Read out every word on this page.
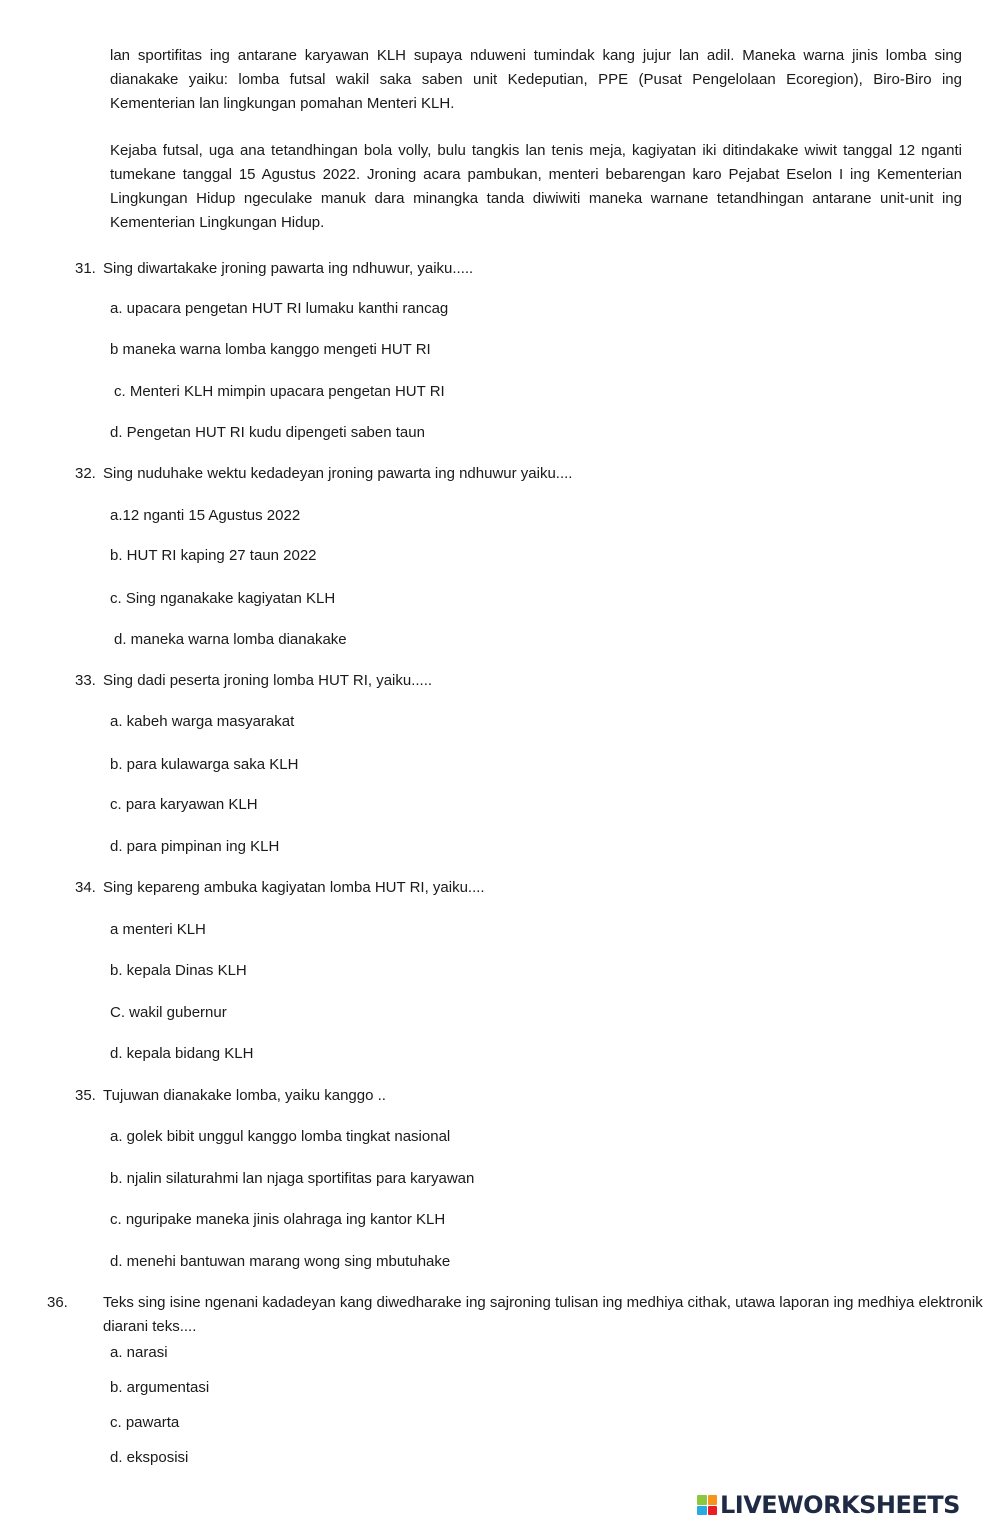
lan sportifitas ing antarane karyawan KLH supaya nduweni tumindak kang jujur lan adil. Maneka warna jinis lomba sing dianakake yaiku: lomba futsal wakil saka saben unit Kedeputian, PPE (Pusat Pengelolaan Ecoregion), Biro-Biro ing Kementerian lan lingkungan pomahan Menteri KLH.

Kejaba futsal, uga ana tetandhingan bola volly, bulu tangkis lan tenis meja, kagiyatan iki ditindakake wiwit tanggal 12 nganti tumekane tanggal 15 Agustus 2022. Jroning acara pambukan, menteri bebarengan karo Pejabat Eselon I ing Kementerian Lingkungan Hidup ngeculake manuk dara minangka tanda diwiwiti maneka warnane tetandhingan antarane unit-unit ing Kementerian Lingkungan Hidup.

31. Sing diwartakake jroning pawarta ing ndhuwur, yaiku.....

a. upacara pengetan HUT RI lumaku kanthi rancag

b maneka warna lomba kanggo mengeti HUT RI

c. Menteri KLH mimpin upacara pengetan HUT RI

d. Pengetan HUT RI kudu dipengeti saben taun

32. Sing nuduhake wektu kedadeyan jroning pawarta ing ndhuwur yaiku....

a.12 nganti 15 Agustus 2022

b. HUT RI kaping 27 taun 2022

c. Sing nganakake kagiyatan KLH

d. maneka warna lomba dianakake

33. Sing dadi peserta jroning lomba HUT RI, yaiku.....

a. kabeh warga masyarakat

b. para kulawarga saka KLH

c. para karyawan KLH

d. para pimpinan ing KLH

34. Sing kepareng ambuka kagiyatan lomba HUT RI, yaiku....

a menteri KLH

b. kepala Dinas KLH

C. wakil gubernur

d. kepala bidang KLH

35. Tujuwan dianakake lomba, yaiku kanggo ..

a. golek bibit unggul kanggo lomba tingkat nasional

b. njalin silaturahmi lan njaga sportifitas para karyawan

c. nguripake maneka jinis olahraga ing kantor KLH

d. menehi bantuwan marang wong sing mbutuhake

36. Teks sing isine ngenani kadadeyan kang diwedharake ing sajroning tulisan ing medhiya cithak, utawa laporan ing medhiya elektronik diarani teks....

a. narasi

b. argumentasi

c. pawarta

d. eksposisi

LIVEWORKSHEETS
